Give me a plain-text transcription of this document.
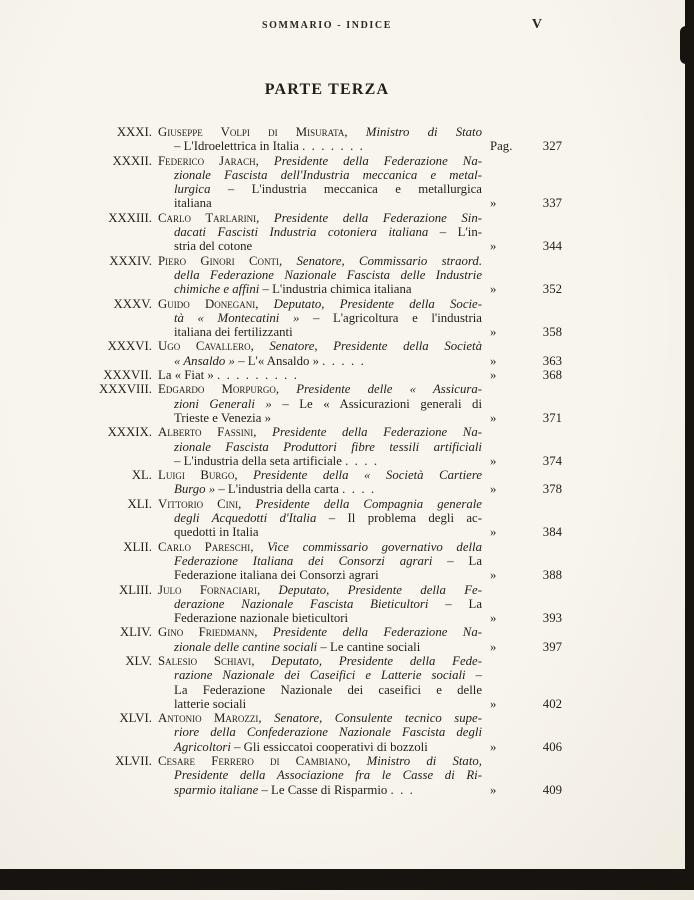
SOMMARIO - INDICE	V
PARTE TERZA
XXXI. Giuseppe Volpi di Misurata, Ministro di Stato
– L'Idroelettrica in Italia . . . . . . .	Pag.	327
XXXII. Federico Jarach, Presidente della Federazione Na-
zionale Fascista dell'Industria meccanica e metal-
lurgica – L'industria meccanica e metallurgica
italiana	»	337
XXXIII. Carlo Tarlarini, Presidente della Federazione Sin-
dacati Fascisti Industria cotoniera italiana – L'in-
stria del cotone	»	344
XXXIV. Piero Ginori Conti, Senatore, Commissario straord.
della Federazione Nazionale Fascista delle Industrie
chimiche e affini – L'industria chimica italiana	»	352
XXXV. Guido Donegani, Deputato, Presidente della Socie-
tà « Montecatini » – L'agricoltura e l'industria
italiana dei fertilizzanti	»	358
XXXVI. Ugo Cavallero, Senatore, Presidente della Società
« Ansaldo » – L'« Ansaldo » . . . . .	»	363
XXXVII. La « Fiat » . . . . . . . . .	»	368
XXXVIII. Edgardo Morpurgo, Presidente delle « Assicura-
zioni Generali » – Le « Assicurazioni generali di
Trieste e Venezia »	»	371
XXXIX. Alberto Fassini, Presidente della Federazione Na-
zionale Fascista Produttori fibre tessili artificiali
– L'industria della seta artificiale . . . .	»	374
XL. Luigi Burgo, Presidente della « Società Cartiere
Burgo » – L'industria della carta . . . .	»	378
XLI. Vittorio Cini, Presidente della Compagnia generale
degli Acquedotti d'Italia – Il problema degli ac-
quedotti in Italia	»	384
XLII. Carlo Pareschi, Vice commissario governativo della
Federazione Italiana dei Consorzi agrari – La
Federazione italiana dei Consorzi agrari	»	388
XLIII. Julo Fornaciari, Deputato, Presidente della Fe-
derazione Nazionale Fascista Bieticultori – La
Federazione nazionale bieticultori	»	393
XLIV. Gino Friedmann, Presidente della Federazione Na-
zionale delle cantine sociali – Le cantine sociali	»	397
XLV. Salesio Schiavi, Deputato, Presidente della Fede-
razione Nazionale dei Caseifici e Latterie sociali –
La Federazione Nazionale dei caseifici e delle
latterie sociali	»	402
XLVI. Antonio Marozzi, Senatore, Consulente tecnico supe-
riore della Confederazione Nazionale Fascista degli
Agricoltori – Gli essiccatoi cooperativi di bozzoli	»	406
XLVII. Cesare Ferrero di Cambiano, Ministro di Stato,
Presidente della Associazione fra le Casse di Ri-
sparmio italiane – Le Casse di Risparmio . . .	»	409
